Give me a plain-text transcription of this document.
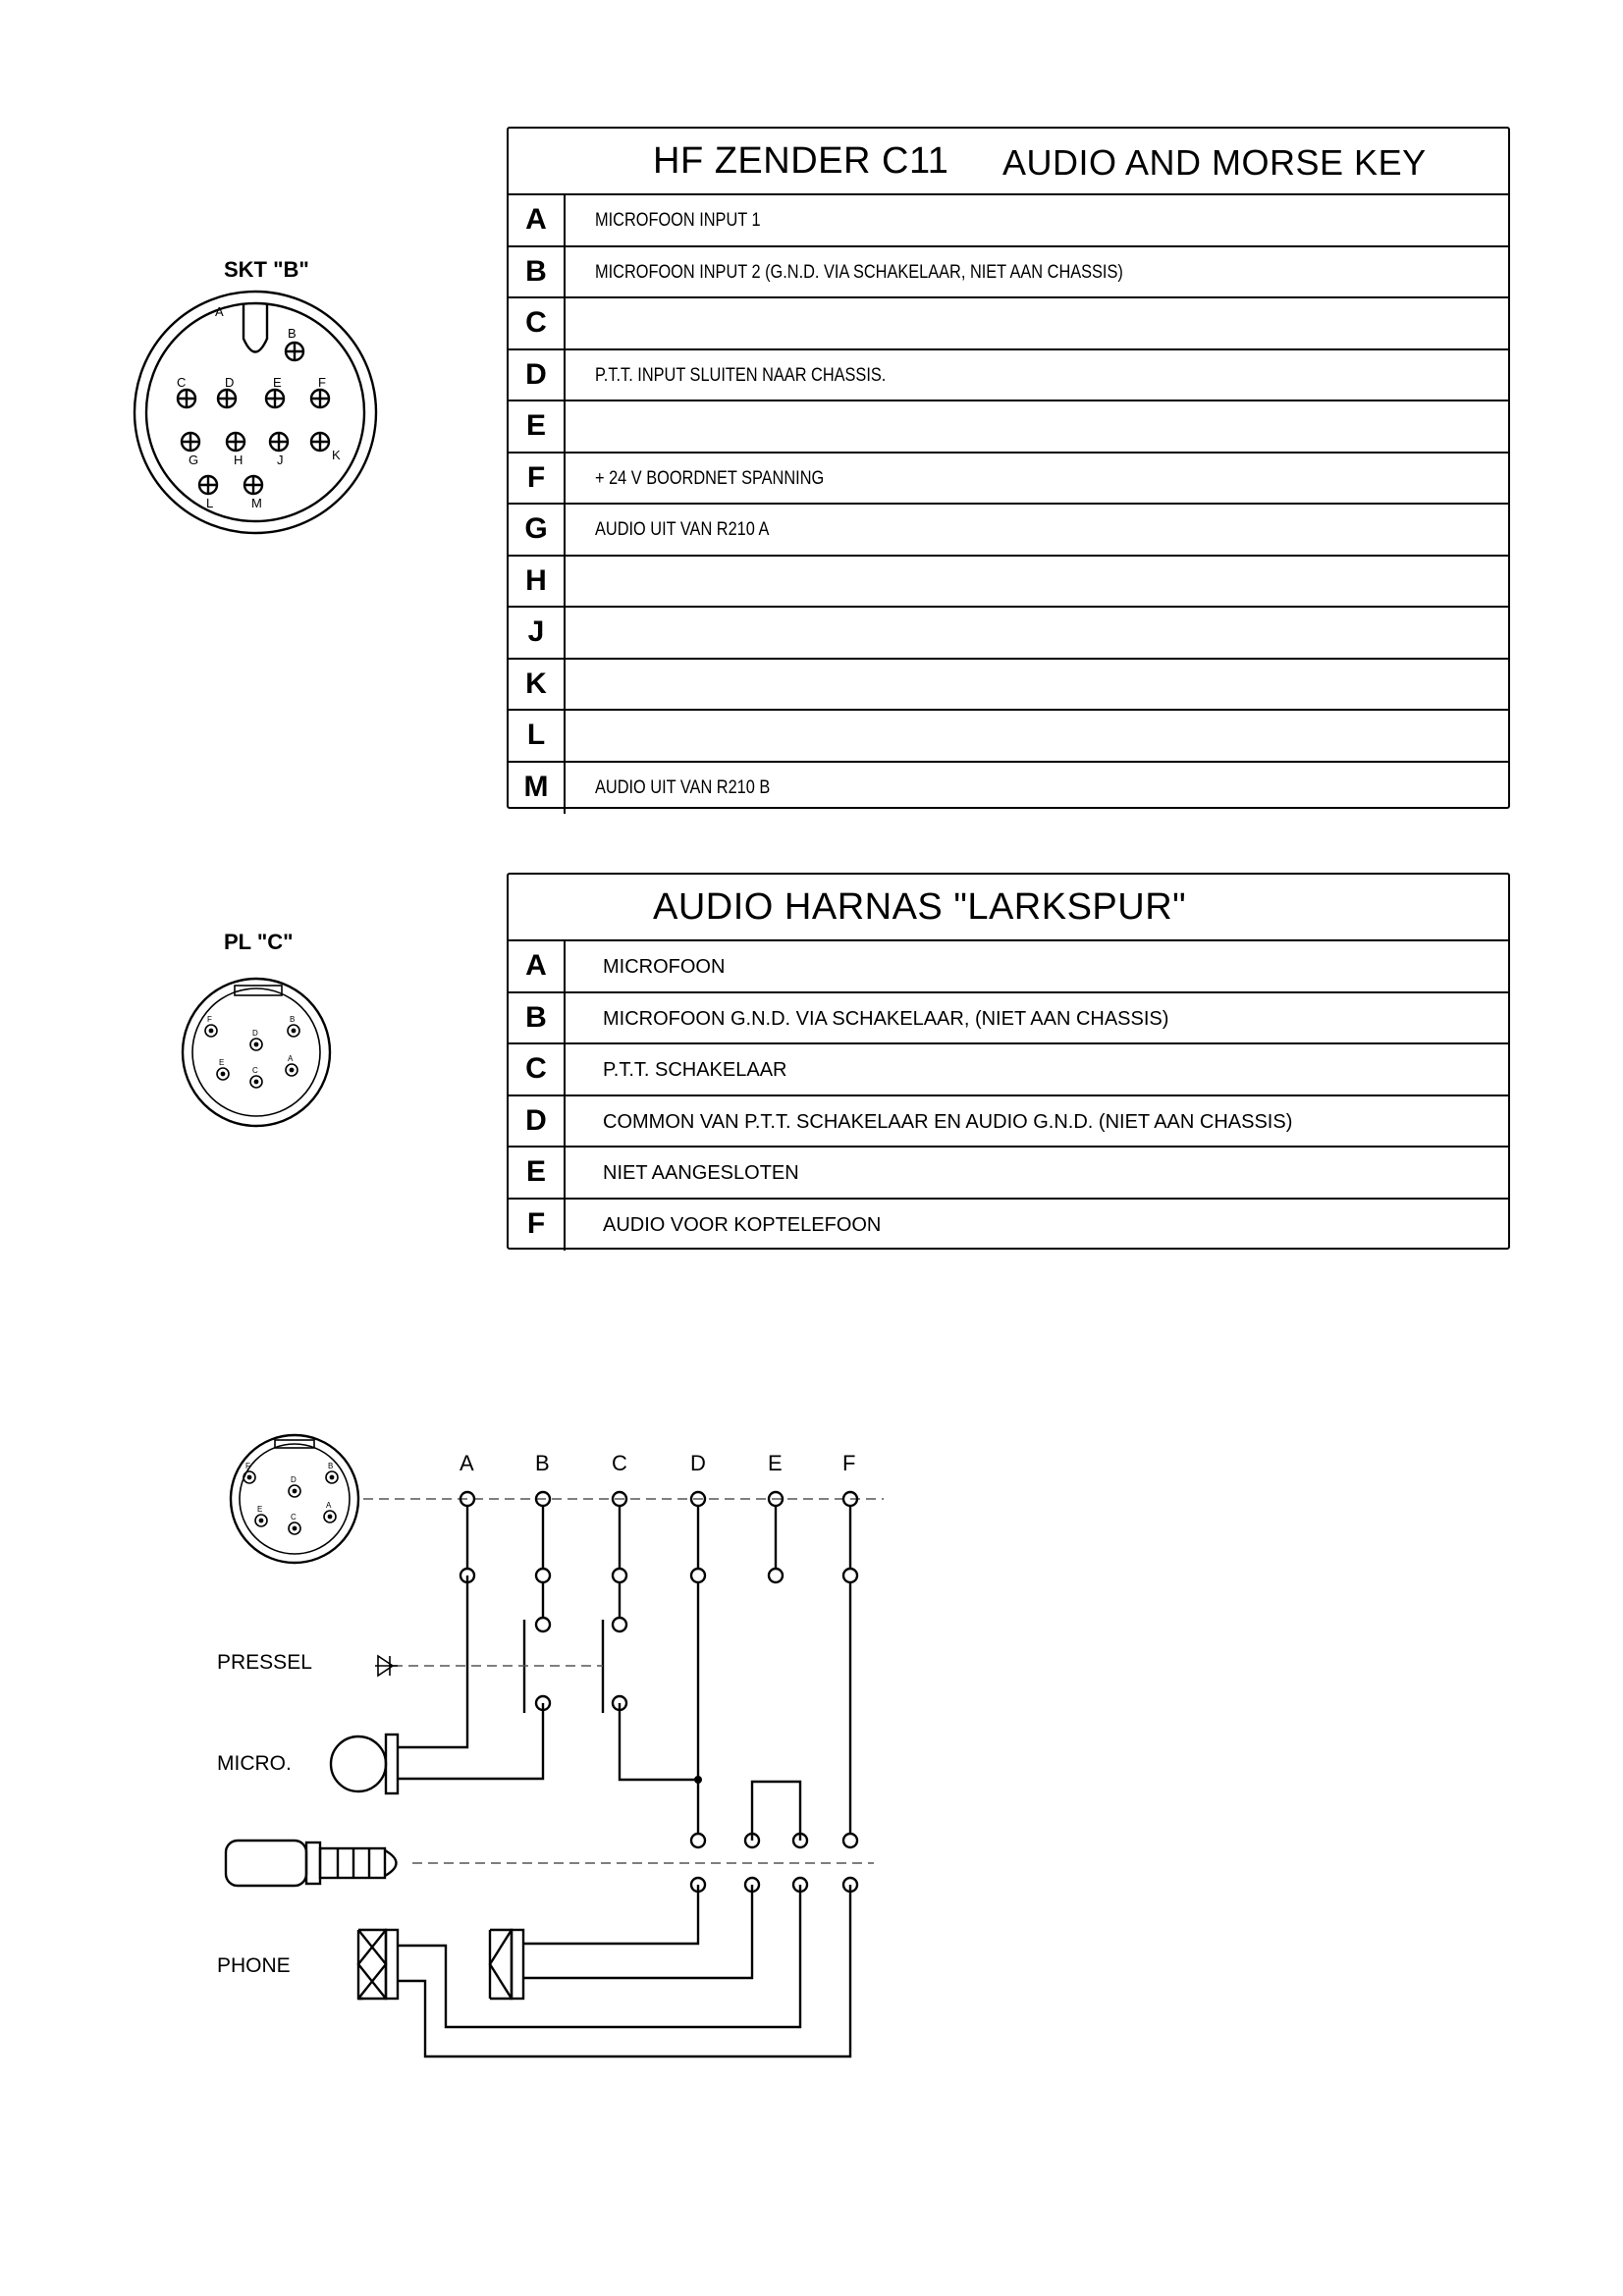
SKT "B"
A
B
C	D	E	F
G	H	J	K
L	M
HF ZENDER C11 AUDIO AND MORSE KEY
A	MICROFOON INPUT 1
B	MICROFOON INPUT 2 (G.N.D. VIA SCHAKELAAR, NIET AAN CHASSIS)
C
D	P.T.T. INPUT SLUITEN NAAR CHASSIS.
E
F	+ 24 V BOORDNET SPANNING
G	AUDIO UIT VAN R210 A
H
J
K
L
M	AUDIO UIT VAN R210 B
PL "C"
F
D
B
E
C
A
AUDIO HARNAS "LARKSPUR"
A	MICROFOON
B	MICROFOON G.N.D. VIA SCHAKELAAR, (NIET AAN CHASSIS)
C	P.T.T. SCHAKELAAR
D	COMMON VAN P.T.T. SCHAKELAAR EN AUDIO G.N.D. (NIET AAN CHASSIS)
E	NIET AANGESLOTEN
F	AUDIO VOOR KOPTELEFOON
PRESSEL
MICRO.
PHONE
F
D
B
E
C
A
A	B	C	D	E	F
